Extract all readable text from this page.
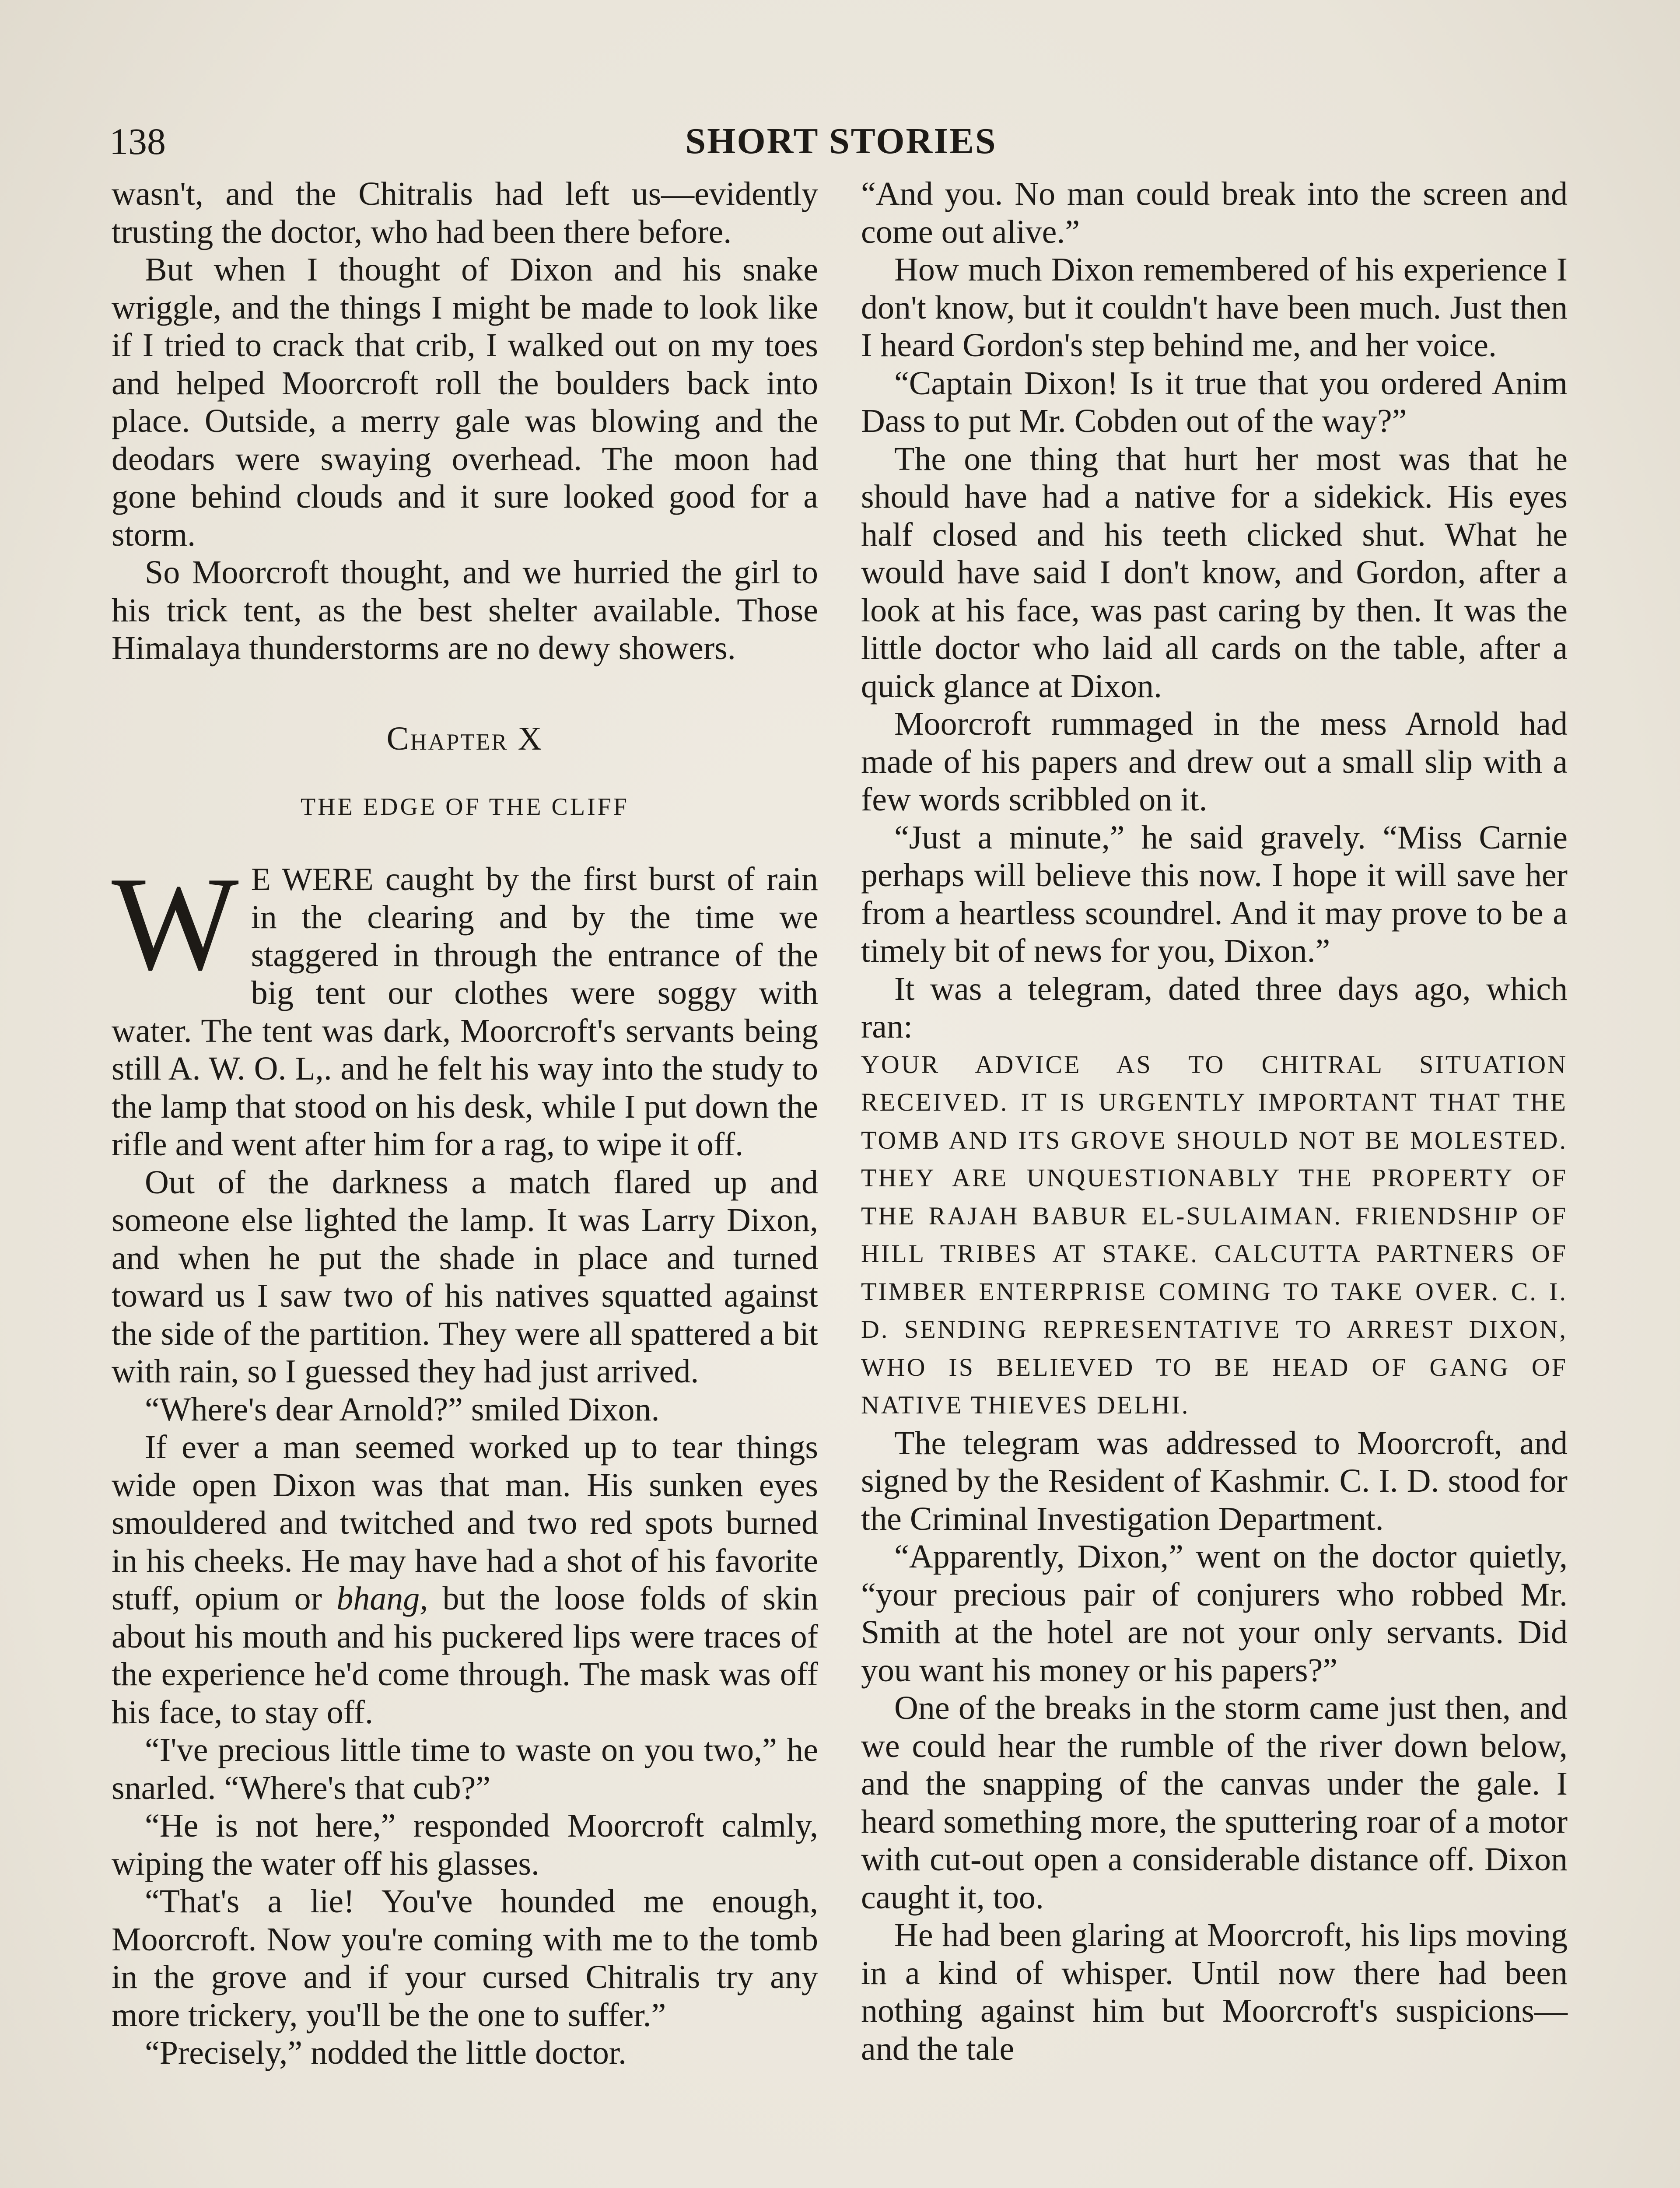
138	SHORT STORIES

wasn't, and the Chitralis had left us—evidently trusting the doctor, who had been there before.

But when I thought of Dixon and his snake wriggle, and the things I might be made to look like if I tried to crack that crib, I walked out on my toes and helped Moorcroft roll the boulders back into place. Outside, a merry gale was blowing and the deodars were swaying overhead. The moon had gone behind clouds and it sure looked good for a storm.

So Moorcroft thought, and we hurried the girl to his trick tent, as the best shelter available. Those Himalaya thunderstorms are no dewy showers.

Chapter X
THE EDGE OF THE CLIFF

WE WERE caught by the first burst of rain in the clearing and by the time we staggered in through the entrance of the big tent our clothes were soggy with water. The tent was dark, Moorcroft's servants being still A. W. O. L,. and he felt his way into the study to the lamp that stood on his desk, while I put down the rifle and went after him for a rag, to wipe it off.

Out of the darkness a match flared up and someone else lighted the lamp. It was Larry Dixon, and when he put the shade in place and turned toward us I saw two of his natives squatted against the side of the partition. They were all spattered a bit with rain, so I guessed they had just arrived.

“Where's dear Arnold?” smiled Dixon.

If ever a man seemed worked up to tear things wide open Dixon was that man. His sunken eyes smouldered and twitched and two red spots burned in his cheeks. He may have had a shot of his favorite stuff, opium or bhang, but the loose folds of skin about his mouth and his puckered lips were traces of the experience he'd come through. The mask was off his face, to stay off.

“I've precious little time to waste on you two,” he snarled. “Where's that cub?”

“He is not here,” responded Moorcroft calmly, wiping the water off his glasses.

“That's a lie! You've hounded me enough, Moorcroft. Now you're coming with me to the tomb in the grove and if your cursed Chitralis try any more trickery, you'll be the one to suffer.”

“Precisely,” nodded the little doctor.

“And you. No man could break into the screen and come out alive.”

How much Dixon remembered of his experience I don't know, but it couldn't have been much. Just then I heard Gordon's step behind me, and her voice.

“Captain Dixon! Is it true that you ordered Anim Dass to put Mr. Cobden out of the way?”

The one thing that hurt her most was that he should have had a native for a sidekick. His eyes half closed and his teeth clicked shut. What he would have said I don't know, and Gordon, after a look at his face, was past caring by then. It was the little doctor who laid all cards on the table, after a quick glance at Dixon.

Moorcroft rummaged in the mess Arnold had made of his papers and drew out a small slip with a few words scribbled on it.

“Just a minute,” he said gravely. “Miss Carnie perhaps will believe this now. I hope it will save her from a heartless scoundrel. And it may prove to be a timely bit of news for you, Dixon.”

It was a telegram, dated three days ago, which ran:

YOUR ADVICE AS TO CHITRAL SITUATION RECEIVED. IT IS URGENTLY IMPORTANT THAT THE TOMB AND ITS GROVE SHOULD NOT BE MOLESTED. THEY ARE UNQUESTIONABLY THE PROPERTY OF THE RAJAH BABUR EL-SULAIMAN. FRIENDSHIP OF HILL TRIBES AT STAKE. CALCUTTA PARTNERS OF TIMBER ENTERPRISE COMING TO TAKE OVER. C. I. D. SENDING REPRESENTATIVE TO ARREST DIXON, WHO IS BELIEVED TO BE HEAD OF GANG OF NATIVE THIEVES DELHI.

The telegram was addressed to Moorcroft, and signed by the Resident of Kashmir. C. I. D. stood for the Criminal Investigation Department.

“Apparently, Dixon,” went on the doctor quietly, “your precious pair of conjurers who robbed Mr. Smith at the hotel are not your only servants. Did you want his money or his papers?”

One of the breaks in the storm came just then, and we could hear the rumble of the river down below, and the snapping of the canvas under the gale. I heard something more, the sputtering roar of a motor with cut-out open a considerable distance off. Dixon caught it, too.

He had been glaring at Moorcroft, his lips moving in a kind of whisper. Until now there had been nothing against him but Moorcroft's suspicions—and the tale
